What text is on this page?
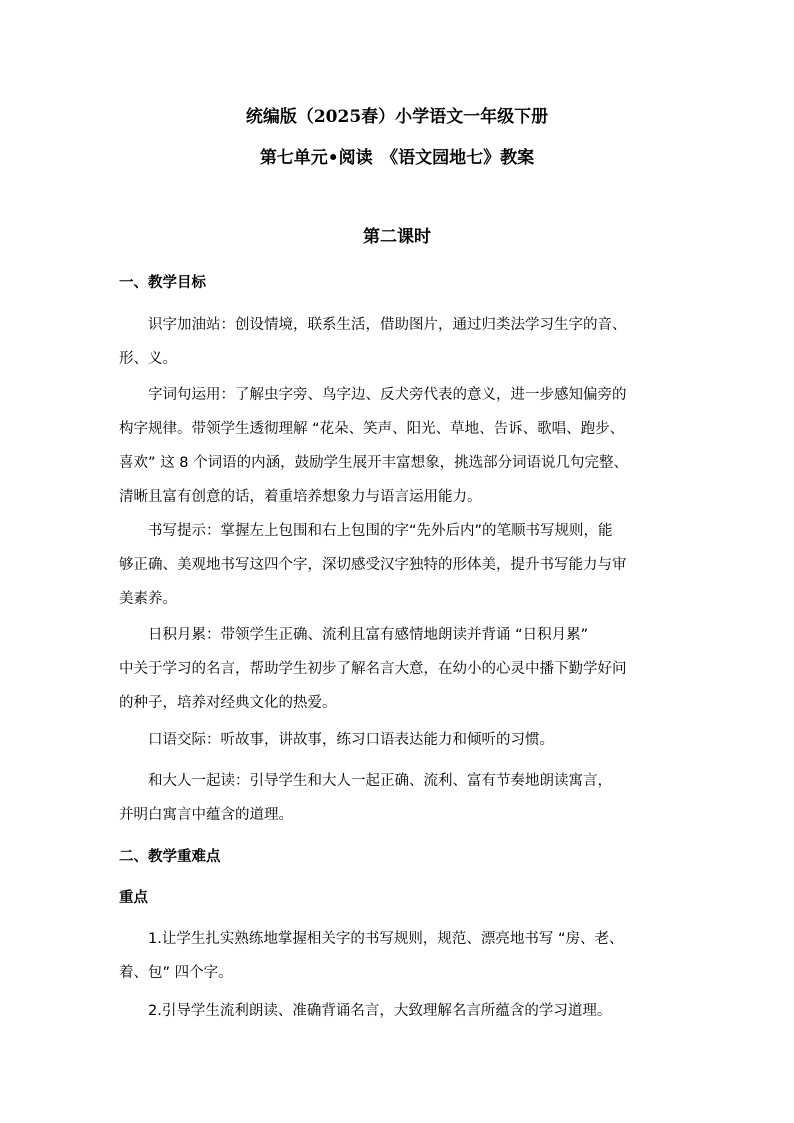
统编版（2025春）小学语文一年级下册
第七单元•阅读　《语文园地七》教案
第二课时
一、教学目标
识字加油站：创设情境，联系生活，借助图片，通过归类法学习生字的音、
形、义。
字词句运用：了解虫字旁、鸟字边、反犬旁代表的意义，进一步感知偏旁的
构字规律。带领学生透彻理解 “花朵、笑声、阳光、草地、告诉、歌唱、跑步、
喜欢” 这 8 个词语的内涵，鼓励学生展开丰富想象，挑选部分词语说几句完整、
清晰且富有创意的话，着重培养想象力与语言运用能力。
书写提示：掌握左上包围和右上包围的字“先外后内”的笔顺书写规则，能
够正确、美观地书写这四个字，深切感受汉字独特的形体美，提升书写能力与审
美素养。
日积月累：带领学生正确、流利且富有感情地朗读并背诵 “日积月累”
中关于学习的名言，帮助学生初步了解名言大意，在幼小的心灵中播下勤学好问
的种子，培养对经典文化的热爱。
口语交际：听故事，讲故事，练习口语表达能力和倾听的习惯。
和大人一起读：引导学生和大人一起正确、流利、富有节奏地朗读寓言，
并明白寓言中蕴含的道理。
二、教学重难点
重点
1.让学生扎实熟练地掌握相关字的书写规则，规范、漂亮地书写 “房、老、
着、包” 四个字。
2.引导学生流利朗读、准确背诵名言，大致理解名言所蕴含的学习道理。
